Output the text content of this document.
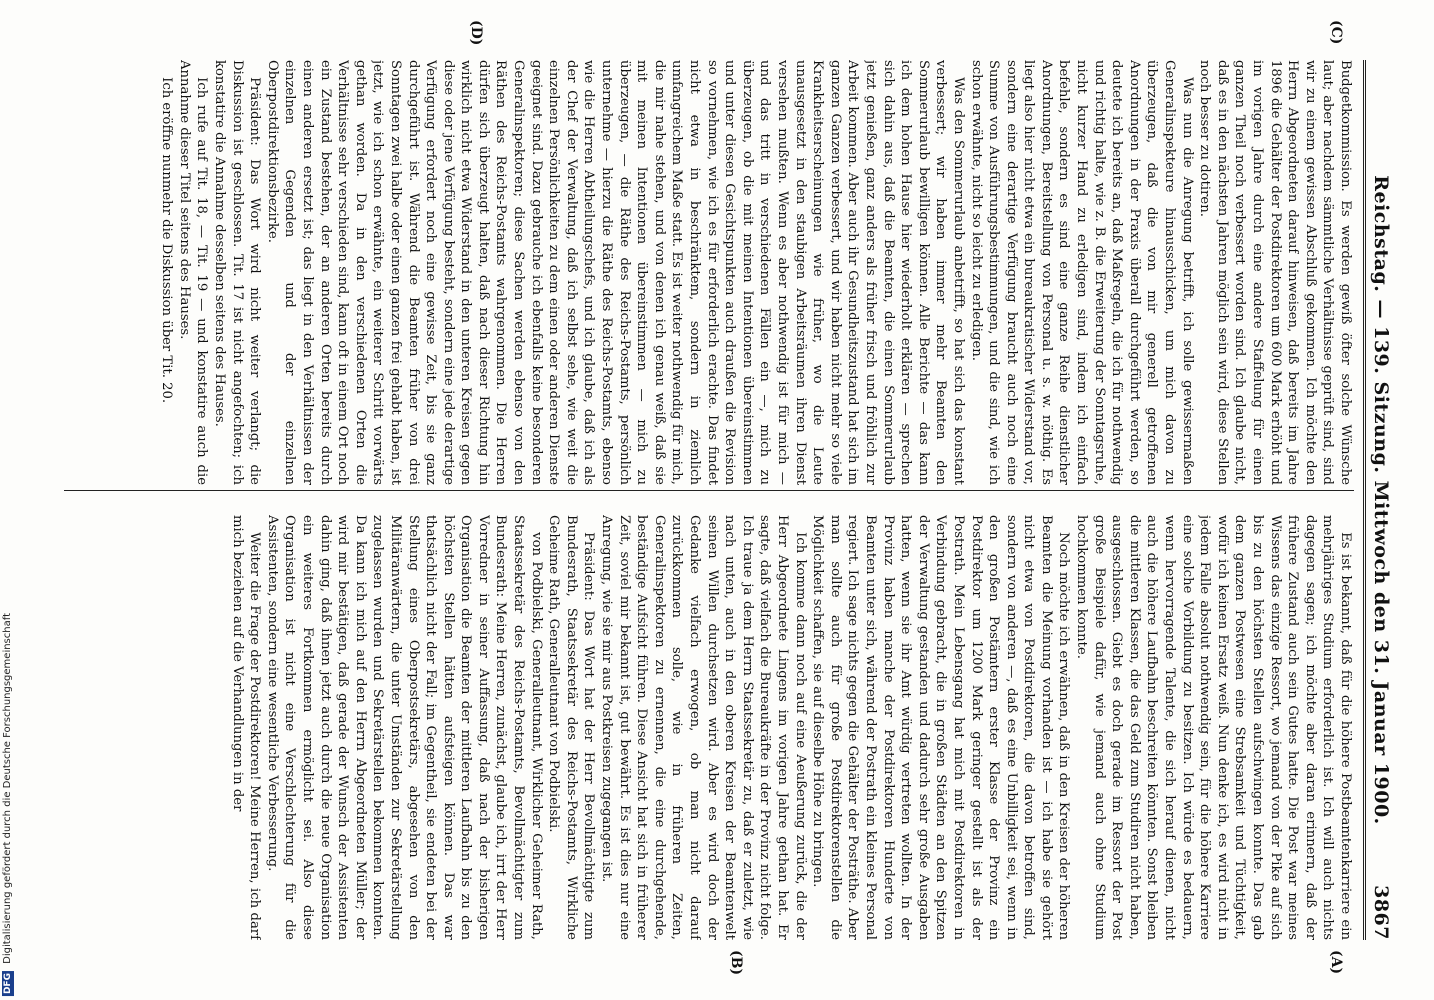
Reichstag. — 139. Sitzung. Mittwoch den 31. Januar 1900.
3867
(C)
(D)
(A)
(B)

Budgetkommission. Es werden gewiß öfter solche Wünsche laut; aber nachdem sämmtliche Verhältnisse geprüft sind, sind wir zu einem gewissen Abschluß gekommen. Ich möchte den Herrn Abgeordneten darauf hinweisen, daß bereits im Jahre 1896 die Gehälter der Postdirektoren um 600 Mark erhöht und im vorigen Jahre durch eine andere Staffelung für einen ganzen Theil noch verbessert worden sind. Ich glaube nicht, daß es in den nächsten Jahren möglich sein wird, diese Stellen noch besser zu dotiren.

Was nun die Anregung betrifft, ich solle gewissermaßen Generalinspekteure hinausschicken, um mich davon zu überzeugen, daß die von mir generell getroffenen Anordnungen in der Praxis überall durchgeführt werden, so deutete ich bereits an, daß Maßregeln, die ich für nothwendig und richtig halte, wie z. B. die Erweiterung der Sonntagsruhe, nicht kurzer Hand zu erledigen sind, indem ich einfach befehle, sondern es sind eine ganze Reihe dienstlicher Anordnungen, Bereitstellung von Personal u. s. w. nöthig. Es liegt also hier nicht etwa ein bureaukratischer Widerstand vor, sondern eine derartige Verfügung braucht auch noch eine Summe von Ausführungsbestimmungen, und die sind, wie ich schon erwähnte, nicht so leicht zu erledigen.

Was den Sommerurlaub anbetrifft, so hat sich das konstant verbessert; wir haben immer mehr Beamten den Sommerurlaub bewilligen können. Alle Berichte — das kann ich dem hohen Hause hier wiederholt erklären — sprechen sich dahin aus, daß die Beamten, die einen Sommerurlaub jetzt genießen, ganz anders als früher frisch und fröhlich zur Arbeit kommen. Aber auch ihr Gesundheitszustand hat sich im ganzen Ganzen verbessert, und wir haben nicht mehr so viele Krankheitserscheinungen wie früher, wo die Leute unausgesetzt in den staubigen Arbeitsräumen ihren Dienst versehen mußten. Wenn es aber nothwendig ist für mich — und das tritt in verschiedenen Fällen ein —, mich zu überzeugen, ob die mit meinen Intentionen übereinstimmen und unter diesen Gesichtspunkten auch draußen die Revision so vornehmen, wie ich es für erforderlich erachte. Das findet nicht etwa in beschränktem, sondern in ziemlich umfangreichem Maße statt. Es ist weiter nothwendig für mich, die mir nahe stehen, und von denen ich genau weiß, daß sie mit meinen Intentionen übereinstimmen — mich zu überzeugen, — die Räthe des Reichs-Postamts, persönlich unternehme — hierzu die Räthe des Reichs-Postamts, ebenso wie die Herren Abtheilungschefs, und ich glaube, daß ich als der Chef der Verwaltung, daß ich selbst sehe, wie weit die einzelnen Persönlichkeiten zu dem einen oder anderen Dienste geeignet sind. Dazu gebrauche ich ebenfalls keine besonderen Generalinspektoren; diese Sachen werden ebenso von den Räthen des Reichs-Postamts wahrgenommen. Die Herren dürfen sich überzeugt halten, daß nach dieser Richtung hin wirklich nicht etwa Widerstand in den unteren Kreisen gegen diese oder jene Verfügung besteht, sondern eine jede derartige Verfügung erfordert noch eine gewisse Zeit, bis sie ganz durchgeführt ist. Während die Beamten früher von drei Sonntagen zwei halbe oder einen ganzen frei gehabt haben, ist jetzt, wie ich schon erwähnte, ein weiterer Schritt vorwärts gethan worden. Da in den verschiedenen Orten die Verhältnisse sehr verschieden sind, kann oft in einem Ort noch ein Zustand bestehen, der an anderen Orten bereits durch einen anderen ersetzt ist; das liegt in den Verhältnissen der einzelnen Gegenden und der einzelnen Oberpostdirektionsbezirke.

Präsident: Das Wort wird nicht weiter verlangt; die Diskussion ist geschlossen. Tit. 17 ist nicht angefochten; ich konstatire die Annahme desselben seitens des Hauses.

Ich rufe auf Tit. 18, — Tit. 19 — und konstatire auch die Annahme dieser Titel seitens des Hauses.

Ich eröffne nunmehr die Diskussion über Tit. 20.

Es ist bekannt, daß für die höhere Postbeamtenkarriere ein mehrjähriges Studium erforderlich ist. Ich will auch nichts dagegen sagen; ich möchte aber daran erinnern, daß der frühere Zustand auch sein Gutes hatte. Die Post war meines Wissens das einzige Ressort, wo jemand von der Pike auf sich bis zu den höchsten Stellen aufschwingen konnte. Das gab dem ganzen Postwesen eine Strebsamkeit und Tüchtigkeit, wofür ich keinen Ersatz weiß. Nun denke ich, es wird nicht in jedem Falle absolut nothwendig sein, für die höhere Karriere eine solche Vorbildung zu besitzen. Ich würde es bedauern, wenn hervorragende Talente, die sich herauf dienen, nicht auch die höhere Laufbahn beschreiten könnten. Sonst bleiben die mittleren Klassen, die das Geld zum Studiren nicht haben, ausgeschlossen. Giebt es doch gerade im Ressort der Post große Beispiele dafür, wie jemand auch ohne Studium hochkommen konnte.

Noch möchte ich erwähnen, daß in den Kreisen der höheren Beamten die Meinung vorhanden ist — ich habe sie gehört nicht etwa von Postdirektoren, die davon betroffen sind, sondern von anderen —, daß es eine Unbilligkeit sei, wenn in den großen Postämtern erster Klasse der Provinz ein Postdirektor um 1200 Mark geringer gestellt ist als der Postrath. Mein Lebensgang hat mich mit Postdirektoren in Verbindung gebracht, die in großen Städten an den Spitzen der Verwaltung gestanden und dadurch sehr große Ausgaben hatten, wenn sie ihr Amt würdig vertreten wollten. In der Provinz haben manche der Postdirektoren Hunderte von Beamten unter sich, während der Postrath ein kleines Personal regiert. Ich sage nichts gegen die Gehälter der Posträthe. Aber man sollte auch für große Postdirektorenstellen die Möglichkeit schaffen, sie auf dieselbe Höhe zu bringen.

Ich komme dann noch auf eine Aeußerung zurück, die der Herr Abgeordnete Lingens im vorigen Jahre gethan hat. Er sagte, daß vielfach die Bureaukräfte in der Provinz nicht folge. Ich traue ja dem Herrn Staatssekretär zu, daß er zuletzt, wie nach unten, auch in den oberen Kreisen der Beamtenwelt seinen Willen durchsetzen wird. Aber es wird doch der Gedanke vielfach erwogen, ob man nicht darauf zurückkommen solle, wie in früheren Zeiten, Generalinspektoren zu ernennen, die eine durchgehende, beständige Aufsicht führen. Diese Ansicht hat sich in früherer Zeit, soviel mir bekannt ist, gut bewährt. Es ist dies nur eine Anregung, wie sie mir aus Postkreisen zugegangen ist.

Präsident: Das Wort hat der Herr Bevollmächtigte zum Bundesrath, Staatssekretär des Reichs-Postamts, Wirkliche Geheime Rath, Generalleutnant von Podbielski.

von Podbielski, Generalleutnant, Wirklicher Geheimer Rath, Staatssekretär des Reichs-Postamts, Bevollmächtigter zum Bundesrath: Meine Herren, zunächst, glaube ich, irrt der Herr Vorredner in seiner Auffassung, daß nach der bisherigen Organisation die Beamten der mittleren Laufbahn bis zu den höchsten Stellen hätten aufsteigen können. Das war thatsächlich nicht der Fall; im Gegentheil, sie endeten bei der Stellung eines Oberpostsekretärs, abgesehen von den Militäranwärtern, die unter Umständen zur Sekretärstellung zugelassen wurden und Sekretärstellen bekommen konnten. Da kann ich mich auf den Herrn Abgeordneten Müller; der wird mir bestätigen, daß gerade der Wunsch der Assistenten dahin ging, daß ihnen jetzt auch durch die neue Organisation ein weiteres Fortkommen ermöglicht sei. Also diese Organisation ist nicht eine Verschlechterung für die Assistenten, sondern eine wesentliche Verbesserung.

Weiter die Frage der Postdirektoren! Meine Herren, ich darf mich beziehen auf die Verhandlungen in der

DFG Digitalisierung gefördert durch die Deutsche Forschungsgemeinschaft
